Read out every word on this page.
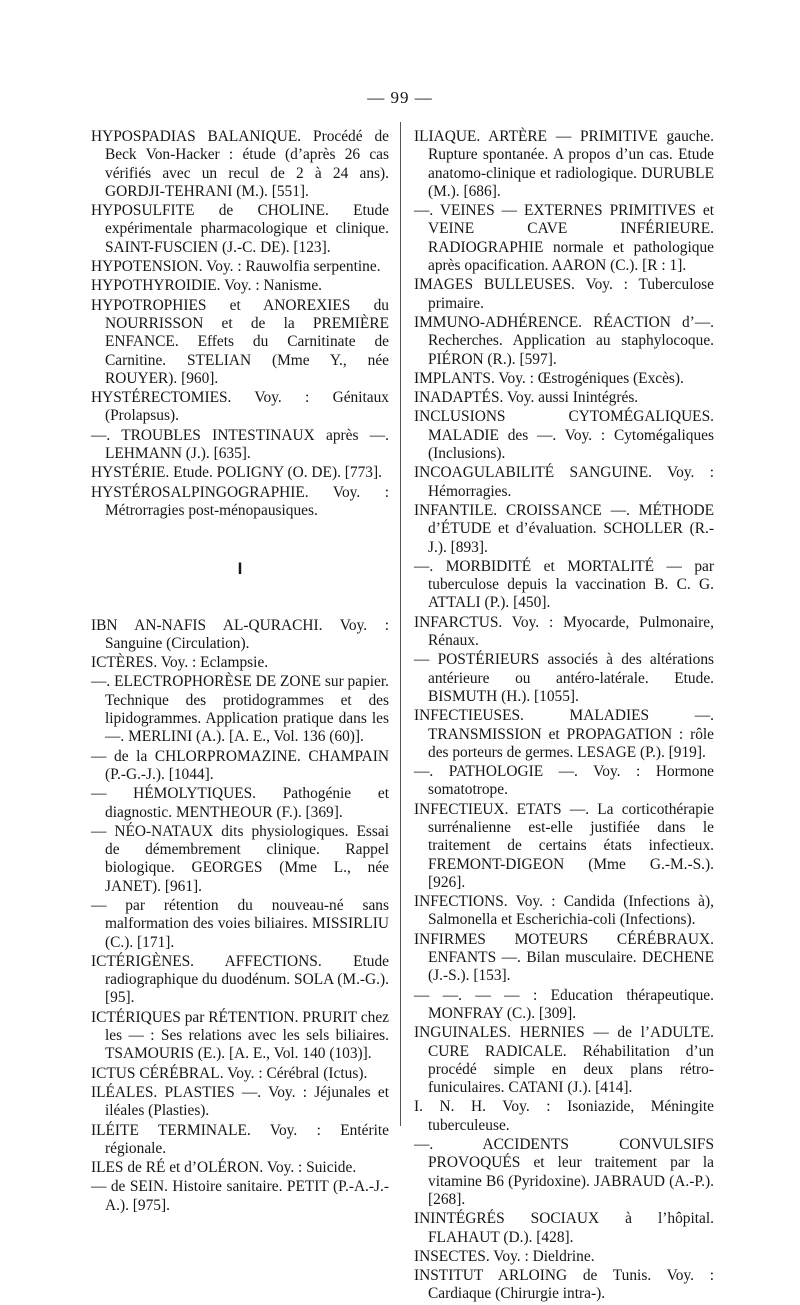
— 99 —
HYPOSPADIAS BALANIQUE. Procédé de Beck Von-Hacker : étude (d’après 26 cas vérifiés avec un recul de 2 à 24 ans). GORDJI-TEHRANI (M.). [551].
HYPOSULFITE de CHOLINE. Etude expérimentale pharmacologique et clinique. SAINT-FUSCIEN (J.-C. DE). [123].
HYPOTENSION. Voy. : Rauwolfia serpentine.
HYPOTHYROIDIE. Voy. : Nanisme.
HYPOTROPHIES et ANOREXIES du NOURRISSON et de la PREMIÈRE ENFANCE. Effets du Carnitinate de Carnitine. STELIAN (Mme Y., née ROUYER). [960].
HYSTÉRECTOMIES. Voy. : Génitaux (Prolapsus).
—. TROUBLES INTESTINAUX après —. LEHMANN (J.). [635].
HYSTÉRIE. Etude. POLIGNY (O. DE). [773].
HYSTÉROSALPINGOGRAPHIE. Voy. : Métrorragies post-ménopausiques.
I
IBN AN-NAFIS AL-QURACHI. Voy. : Sanguine (Circulation).
ICTÈRES. Voy. : Eclampsie.
—. ELECTROPHORÈSE DE ZONE sur papier. Technique des protidogrammes et des lipidogrammes. Application pratique dans les —. MERLINI (A.). [A. E., Vol. 136 (60)].
— de la CHLORPROMAZINE. CHAMPAIN (P.-G.-J.). [1044].
— HÉMOLYTIQUES. Pathogénie et diagnostic. MENTHEOUR (F.). [369].
— NÉO-NATAUX dits physiologiques. Essai de démembrement clinique. Rappel biologique. GEORGES (Mme L., née JANET). [961].
— par rétention du nouveau-né sans malformation des voies biliaires. MISSIRLIU (C.). [171].
ICTÉRIGÈNES. AFFECTIONS. Etude radiographique du duodénum. SOLA (M.-G.). [95].
ICTÉRIQUES par RÉTENTION. PRURIT chez les — : Ses relations avec les sels biliaires. TSAMOURIS (E.). [A. E., Vol. 140 (103)].
ICTUS CÉRÉBRAL. Voy. : Cérébral (Ictus).
ILÉALES. PLASTIES —. Voy. : Jéjunales et iléales (Plasties).
ILÉITE TERMINALE. Voy. : Entérite régionale.
ILES de RÉ et d’OLÉRON. Voy. : Suicide.
— de SEIN. Histoire sanitaire. PETIT (P.-A.-J.-A.). [975].
ILIAQUE. ARTÈRE — PRIMITIVE gauche. Rupture spontanée. A propos d’un cas. Etude anatomo-clinique et radiologique. DURUBLE (M.). [686].
—. VEINES — EXTERNES PRIMITIVES et VEINE CAVE INFÉRIEURE. RADIOGRAPHIE normale et pathologique après opacification. AARON (C.). [R : 1].
IMAGES BULLEUSES. Voy. : Tuberculose primaire.
IMMUNO-ADHÉRENCE. RÉACTION d’—. Recherches. Application au staphylocoque. PIÉRON (R.). [597].
IMPLANTS. Voy. : Œstrogéniques (Excès).
INADAPTÉS. Voy. aussi Inintégrés.
INCLUSIONS CYTOMÉGALIQUES. MALADIE des —. Voy. : Cytomégaliques (Inclusions).
INCOAGULABILITÉ SANGUINE. Voy. : Hémorragies.
INFANTILE. CROISSANCE —. MÉTHODE d’ÉTUDE et d’évaluation. SCHOLLER (R.-J.). [893].
—. MORBIDITÉ et MORTALITÉ — par tuberculose depuis la vaccination B. C. G. ATTALI (P.). [450].
INFARCTUS. Voy. : Myocarde, Pulmonaire, Rénaux.
— POSTÉRIEURS associés à des altérations antérieure ou antéro-latérale. Etude. BISMUTH (H.). [1055].
INFECTIEUSES. MALADIES —. TRANSMISSION et PROPAGATION : rôle des porteurs de germes. LESAGE (P.). [919].
—. PATHOLOGIE —. Voy. : Hormone somatotrope.
INFECTIEUX. ETATS —. La corticothérapie surrénalienne est-elle justifiée dans le traitement de certains états infectieux. FREMONT-DIGEON (Mme G.-M.-S.). [926].
INFECTIONS. Voy. : Candida (Infections à), Salmonella et Escherichia-coli (Infections).
INFIRMES MOTEURS CÉRÉBRAUX. ENFANTS —. Bilan musculaire. DECHENE (J.-S.). [153].
— —. — — : Education thérapeutique. MONFRAY (C.). [309].
INGUINALES. HERNIES — de l’ADULTE. CURE RADICALE. Réhabilitation d’un procédé simple en deux plans rétro-funiculaires. CATANI (J.). [414].
I. N. H. Voy. : Isoniazide, Méningite tuberculeuse.
—. ACCIDENTS CONVULSIFS PROVOQUÉS et leur traitement par la vitamine B6 (Pyridoxine). JABRAUD (A.-P.). [268].
ININTÉGRÉS SOCIAUX à l’hôpital. FLAHAUT (D.). [428].
INSECTES. Voy. : Dieldrine.
INSTITUT ARLOING de Tunis. Voy. : Cardiaque (Chirurgie intra-).
